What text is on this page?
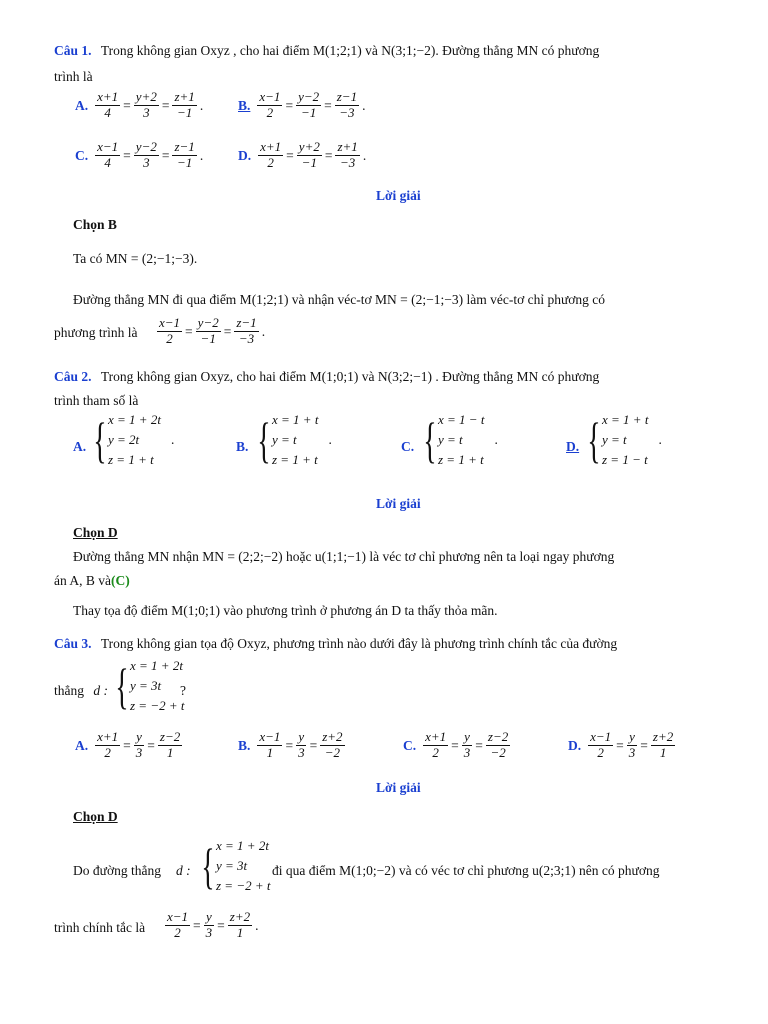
Câu 1. Trong không gian Oxyz , cho hai điểm M(1;2;1) và N(3;1;−2). Đường thẳng MN có phương
trình là
A. $\frac{x+1}{4} = \frac{y+2}{3} = \frac{z+1}{-1}$ .	B. $\frac{x-1}{2} = \frac{y-2}{-1} = \frac{z-1}{-3}$ .
C. $\frac{x-1}{4} = \frac{y-2}{3} = \frac{z-1}{-1}$ .	D. $\frac{x+1}{2} = \frac{y+2}{-1} = \frac{z+1}{-3}$ .
Lời giải
Chọn B
Ta có MN = (2;−1;−3).
Đường thẳng MN đi qua điểm M(1;2;1) và nhận véc-tơ MN = (2;−1;−3) làm véc-tơ chỉ phương có
phương trình là $\frac{x-1}{2} = \frac{y-2}{-1} = \frac{z-1}{-3}$ .
Câu 2. Trong không gian Oxyz, cho hai điểm M(1;0;1) và N(3;2;−1) . Đường thẳng MN có phương
trình tham số là
A. { x = 1 + 2t
y = 2t
z = 1 + t
.	B. { x = 1 + t
y = t
z = 1 + t
.	C. { x = 1 − t
y = t
z = 1 + t
.	D. { x = 1 + t
y = t
z = 1 − t
.
Lời giải
Chọn D
Đường thẳng MN nhận MN = (2;2;−2) hoặc u(1;1;−1) là véc tơ chỉ phương nên ta loại ngay phương
án A, B và(C)
Thay tọa độ điểm M(1;0;1) vào phương trình ở phương án D ta thấy thỏa mãn.
Câu 3. Trong không gian tọa độ Oxyz, phương trình nào dưới đây là phương trình chính tắc của đường
thẳng d : { x = 1 + 2t
y = 3t
z = −2 + t
?
A. $\frac{x+1}{2} = \frac{y}{3} = \frac{z-2}{1}$	B. $\frac{x-1}{1} = \frac{y}{3} = \frac{z+2}{-2}$	C. $\frac{x+1}{2} = \frac{y}{3} = \frac{z-2}{-2}$	D. $\frac{x-1}{2} = \frac{y}{3} = \frac{z+2}{1}$
Lời giải
Chọn D
Do đường thẳng d : { x = 1 + 2t
y = 3t
z = −2 + t
đi qua điểm M(1;0;−2) và có véc tơ chỉ phương u(2;3;1) nên có phương
trình chính tắc là $\frac{x-1}{2} = \frac{y}{3} = \frac{z+2}{1}$ .
